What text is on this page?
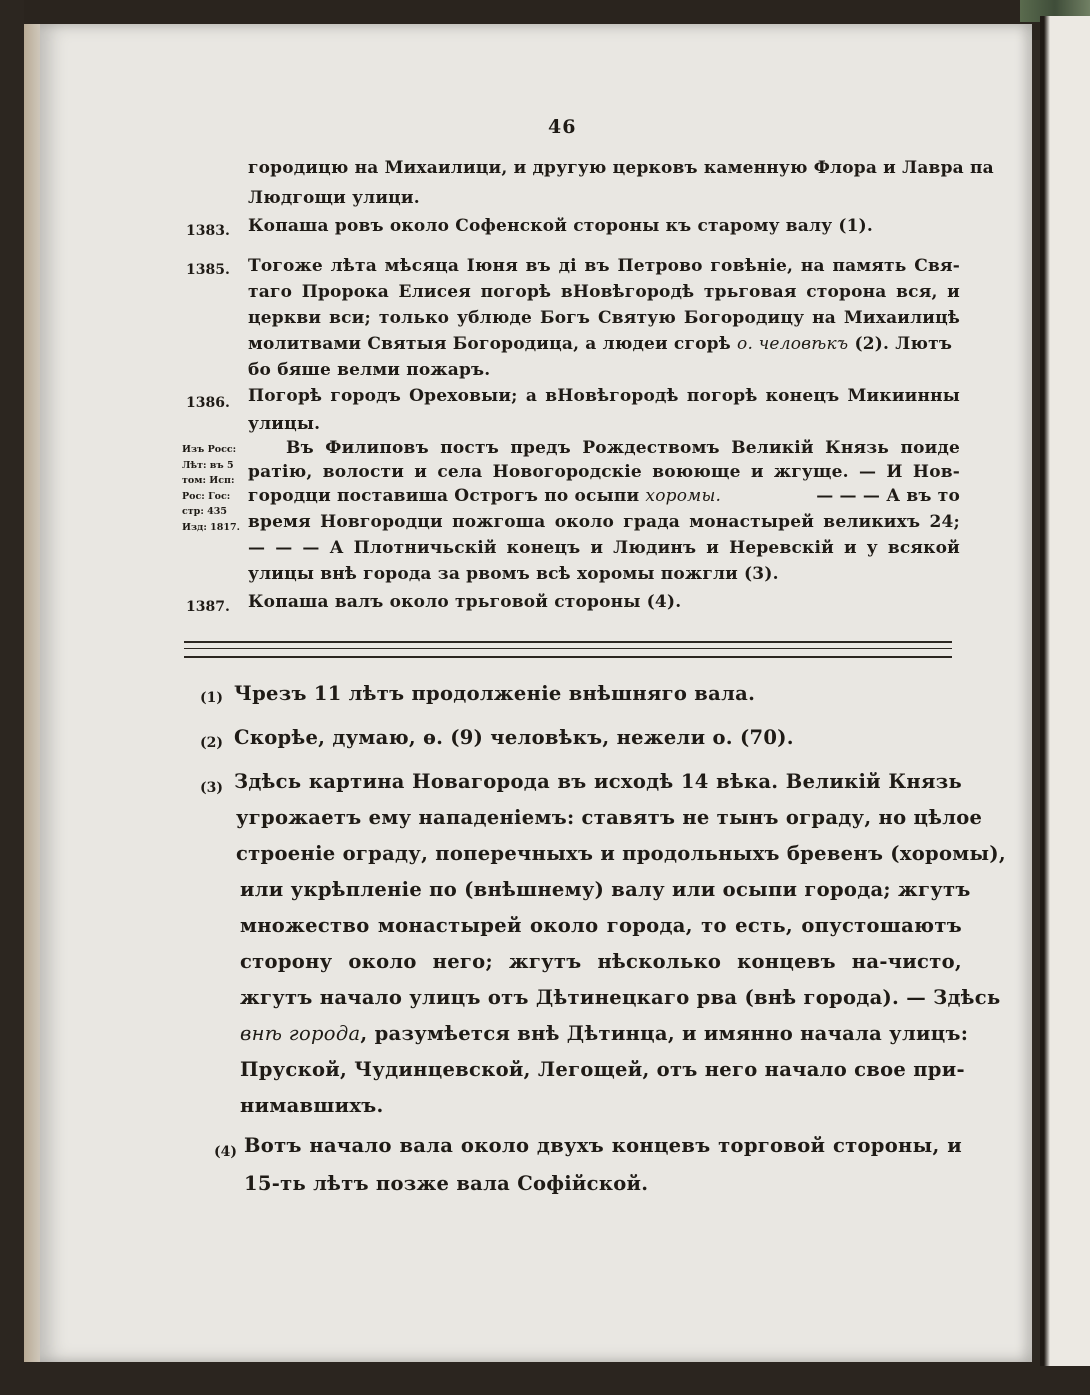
46
городицю на Михаилици, и другую церковъ каменную Флора и Лавра па
Людгощи улици.
1383. Копаша ровъ около Софенской стороны къ старому валу (1).
1385. Тогоже лѣта мѣсяца Іюня въ ді въ Петрово говѣніе, на память Свя-
таго Пророка Елисея погорѣ вНовѣгородѣ трьговая сторона вся, и
церкви вси; только ублюде Богъ Святую Богородицу на Михаилицѣ
молитвами Святыя Богородица, а людеи сгорѣ о. человѣкъ (2). Лютъ
бо бяше велми пожаръ.
1386. Погорѣ городъ Ореховыи; а вНовѣгородѣ погорѣ конецъ Микиинны
улицы.
Изъ Росс:
Лѣт: въ 5
том: Исп:
Рос: Гос:
стр: 435
Изд: 1817.
Въ Филиповъ постъ предъ Рождествомъ Великій Князь поиде
ратію, волости и села Новогородскіе воююще и жгуще. — И Нов-
городци поставиша Острогъ по осыпи хоромы.	— — — А въ то
время Новгородци пожгоша около града монастырей великихъ 24;
— — — А Плотничьскій конецъ и Людинъ и Неревскій и у всякой
улицы внѣ города за рвомъ всѣ хоромы пожгли (3).
1387. Копаша валъ около трьговой стороны (4).
(1) Чрезъ 11 лѣтъ продолженіе внѣшняго вала.
(2) Скорѣе, думаю, ѳ. (9) человѣкъ, нежели о. (70).
(3) Здѣсь картина Новагорода въ исходѣ 14 вѣка. Великій Князь
угрожаетъ ему нападеніемъ: ставятъ не тынъ ограду, но цѣлое
строеніе ограду, поперечныхъ и продольныхъ бревенъ (хоромы),
или укрѣпленіе по (внѣшнему) валу или осыпи города; жгутъ
множество монастырей около города, то есть, опустошаютъ
сторону около него; жгутъ нѣсколько концевъ на-чисто,
жгутъ начало улицъ отъ Дѣтинецкаго рва (внѣ города). — Здѣсь
внѣ города , разумѣется внѣ Дѣтинца, и имянно начала улицъ:
Пруской, Чудинцевской, Легощей, отъ него начало свое при-
нимавшихъ.
(4) Вотъ начало вала около двухъ концевъ торговой стороны, и
15-ть лѣтъ позже вала Софійской.
